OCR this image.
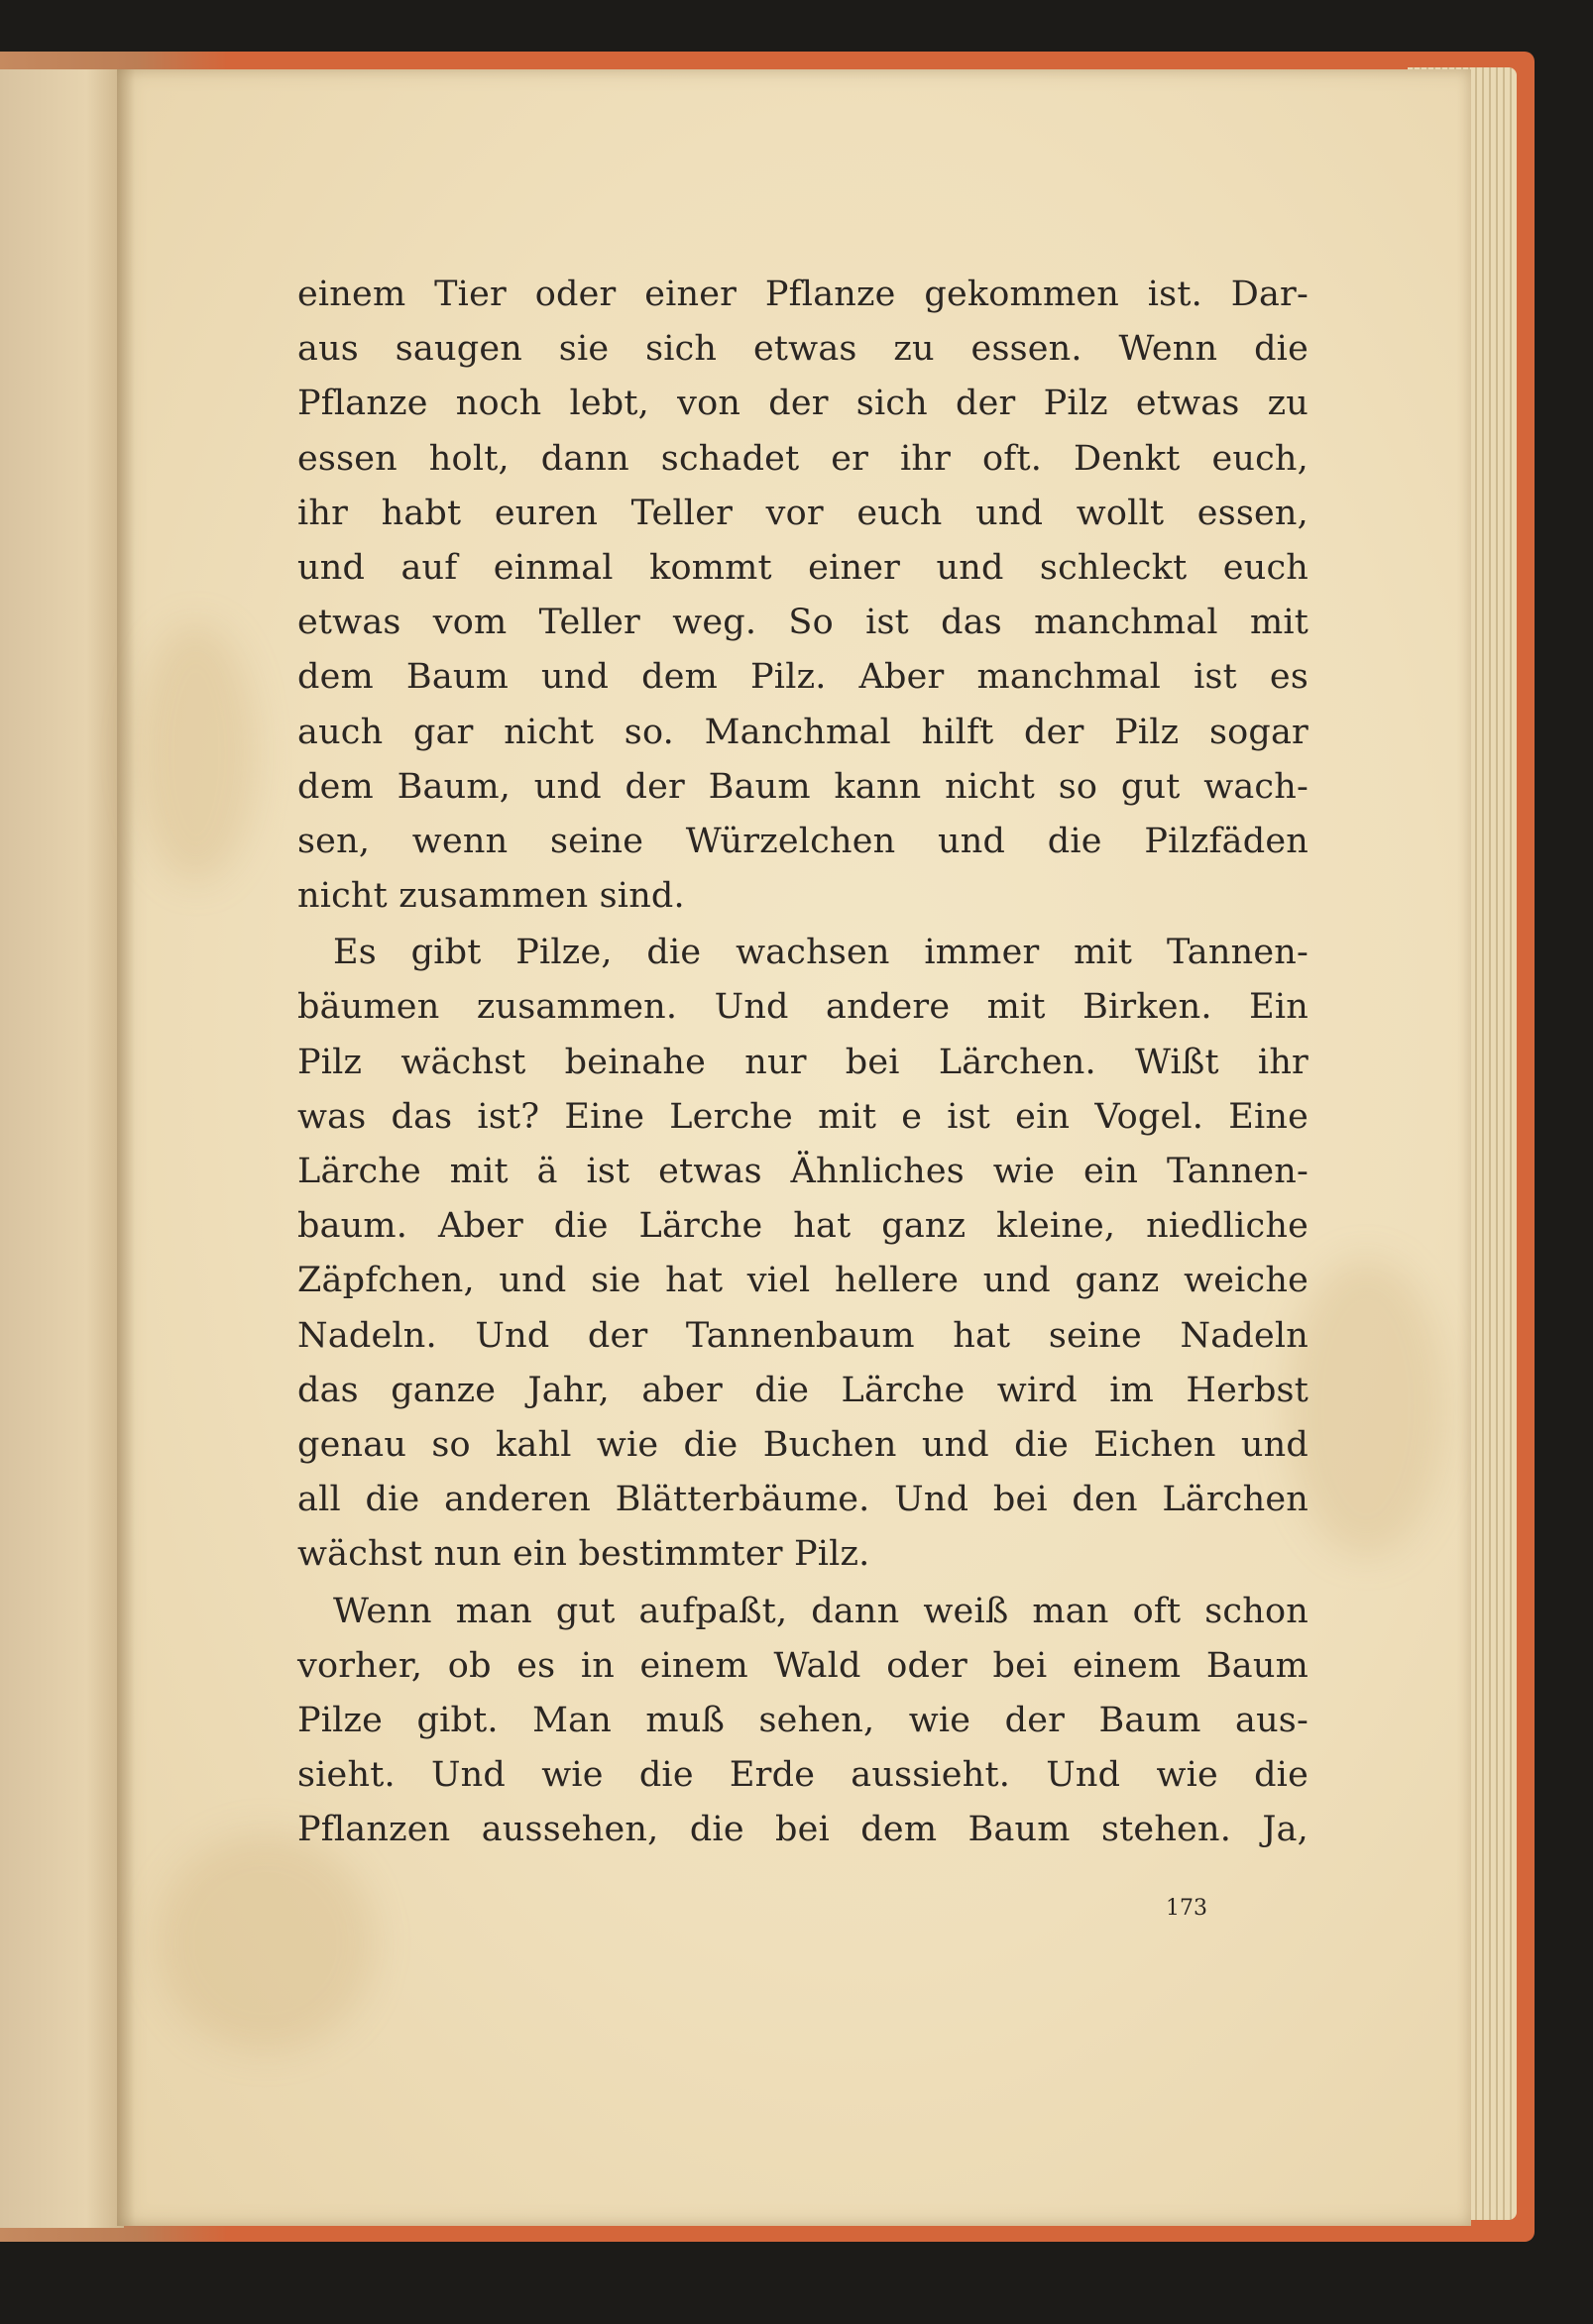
einem Tier oder einer Pflanze gekommen ist. Dar-
aus saugen sie sich etwas zu essen. Wenn die
Pflanze noch lebt, von der sich der Pilz etwas zu
essen holt, dann schadet er ihr oft. Denkt euch,
ihr habt euren Teller vor euch und wollt essen,
und auf einmal kommt einer und schleckt euch
etwas vom Teller weg. So ist das manchmal mit
dem Baum und dem Pilz. Aber manchmal ist es
auch gar nicht so. Manchmal hilft der Pilz sogar
dem Baum, und der Baum kann nicht so gut wach-
sen, wenn seine Würzelchen und die Pilzfäden
nicht zusammen sind.
Es gibt Pilze, die wachsen immer mit Tannen-
bäumen zusammen. Und andere mit Birken. Ein
Pilz wächst beinahe nur bei Lärchen. Wißt ihr
was das ist? Eine Lerche mit e ist ein Vogel. Eine
Lärche mit ä ist etwas Ähnliches wie ein Tannen-
baum. Aber die Lärche hat ganz kleine, niedliche
Zäpfchen, und sie hat viel hellere und ganz weiche
Nadeln. Und der Tannenbaum hat seine Nadeln
das ganze Jahr, aber die Lärche wird im Herbst
genau so kahl wie die Buchen und die Eichen und
all die anderen Blätterbäume. Und bei den Lärchen
wächst nun ein bestimmter Pilz.
Wenn man gut aufpaßt, dann weiß man oft schon
vorher, ob es in einem Wald oder bei einem Baum
Pilze gibt. Man muß sehen, wie der Baum aus-
sieht. Und wie die Erde aussieht. Und wie die
Pflanzen aussehen, die bei dem Baum stehen. Ja,
173
